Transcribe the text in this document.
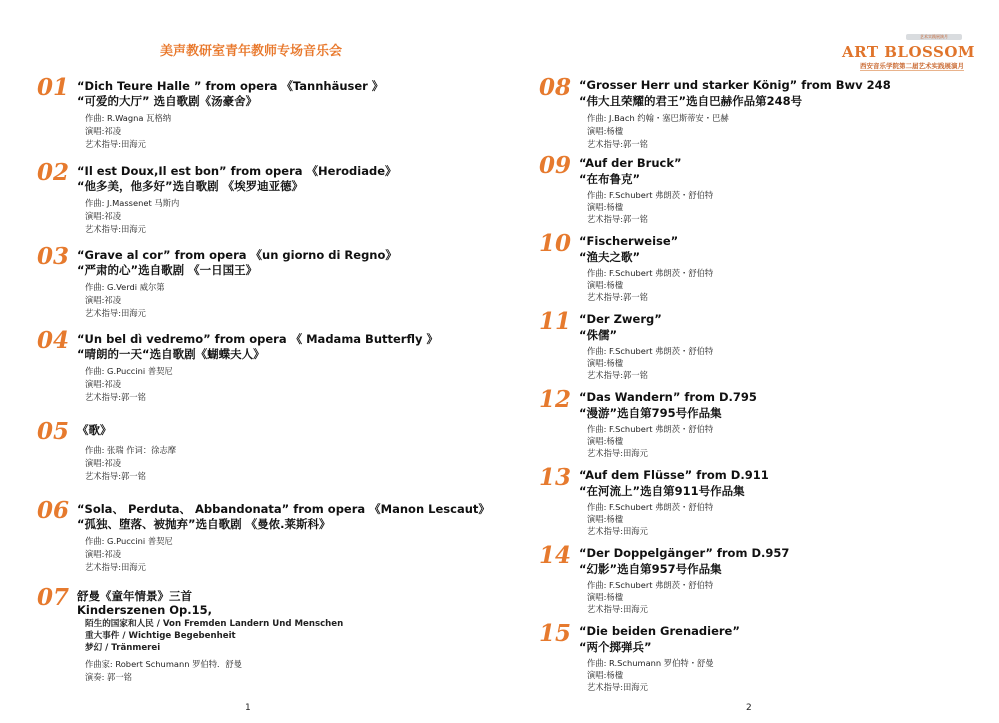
美声教研室青年教师专场音乐会
01 “Dich Teure Halle ” from opera 《Tannhäuser 》
“可爱的大厅” 选自歌剧《汤豪舍》
作曲: R.Wagna 瓦格纳
演唱:祁凌
艺术指导:田海元
02 “Il est Doux,Il est bon” from opera 《Herodiade》
“他多美，他多好”选自歌剧 《埃罗迪亚德》
作曲: J.Massenet 马斯内
演唱:祁凌
艺术指导:田海元
03 “Grave al cor” from opera 《un giorno di Regno》
“严肃的心”选自歌剧 《一日国王》
作曲: G.Verdi 威尔第
演唱:祁凌
艺术指导:田海元
04 “Un bel dì vedremo” from opera 《 Madama Butterfly 》
“晴朗的一天“选自歌剧《蝴蝶夫人》
作曲: G.Puccini 普契尼
演唱:祁凌
艺术指导:郭一铭
05 《歌》
作曲: 张瑞 作词：徐志摩
演唱:祁凌
艺术指导:郭一铭
06 “Sola、 Perduta、 Abbandonata” from opera 《Manon Lescaut》
“孤独、堕落、被抛弃”选自歌剧 《曼侬.莱斯科》
作曲: G.Puccini 普契尼
演唱:祁凌
艺术指导:田海元
07 舒曼《童年情景》三首
Kinderszenen Op.15,
陌生的国家和人民 / Von Fremden Landern Und Menschen
重大事件 / Wichtige Begebenheit
梦幻 / Tränmerei
作曲家: Robert Schumann 罗伯特．舒曼
演奏: 郭一铭
1
艺术实践展演月
ART BLOSSOM
西安音乐学院第二届艺术实践展演月
08 “Grosser Herr und starker König” from Bwv 248
“伟大且荣耀的君王”选自巴赫作品第248号
作曲: J.Bach 约翰・塞巴斯蒂安・巴赫
演唱:杨楹
艺术指导:郭一铭
09 “Auf der Bruck”
“在布鲁克”
作曲: F.Schubert 弗朗茨・舒伯特
演唱:杨楹
艺术指导:郭一铭
10 “Fischerweise”
“渔夫之歌”
作曲: F.Schubert 弗朗茨・舒伯特
演唱:杨楹
艺术指导:郭一铭
11 “Der Zwerg”
“侏儒”
作曲: F.Schubert 弗朗茨・舒伯特
演唱:杨楹
艺术指导:郭一铭
12 “Das Wandern” from D.795
“漫游”选自第795号作品集
作曲: F.Schubert 弗朗茨・舒伯特
演唱:杨楹
艺术指导:田海元
13 “Auf dem Flüsse” from D.911
“在河流上”选自第911号作品集
作曲: F.Schubert 弗朗茨・舒伯特
演唱:杨楹
艺术指导:田海元
14 “Der Doppelgänger” from D.957
“幻影”选自第957号作品集
作曲: F.Schubert 弗朗茨・舒伯特
演唱:杨楹
艺术指导:田海元
15 “Die beiden Grenadiere”
“两个掷弹兵”
作曲: R.Schumann 罗伯特・舒曼
演唱:杨楹
艺术指导:田海元
2
